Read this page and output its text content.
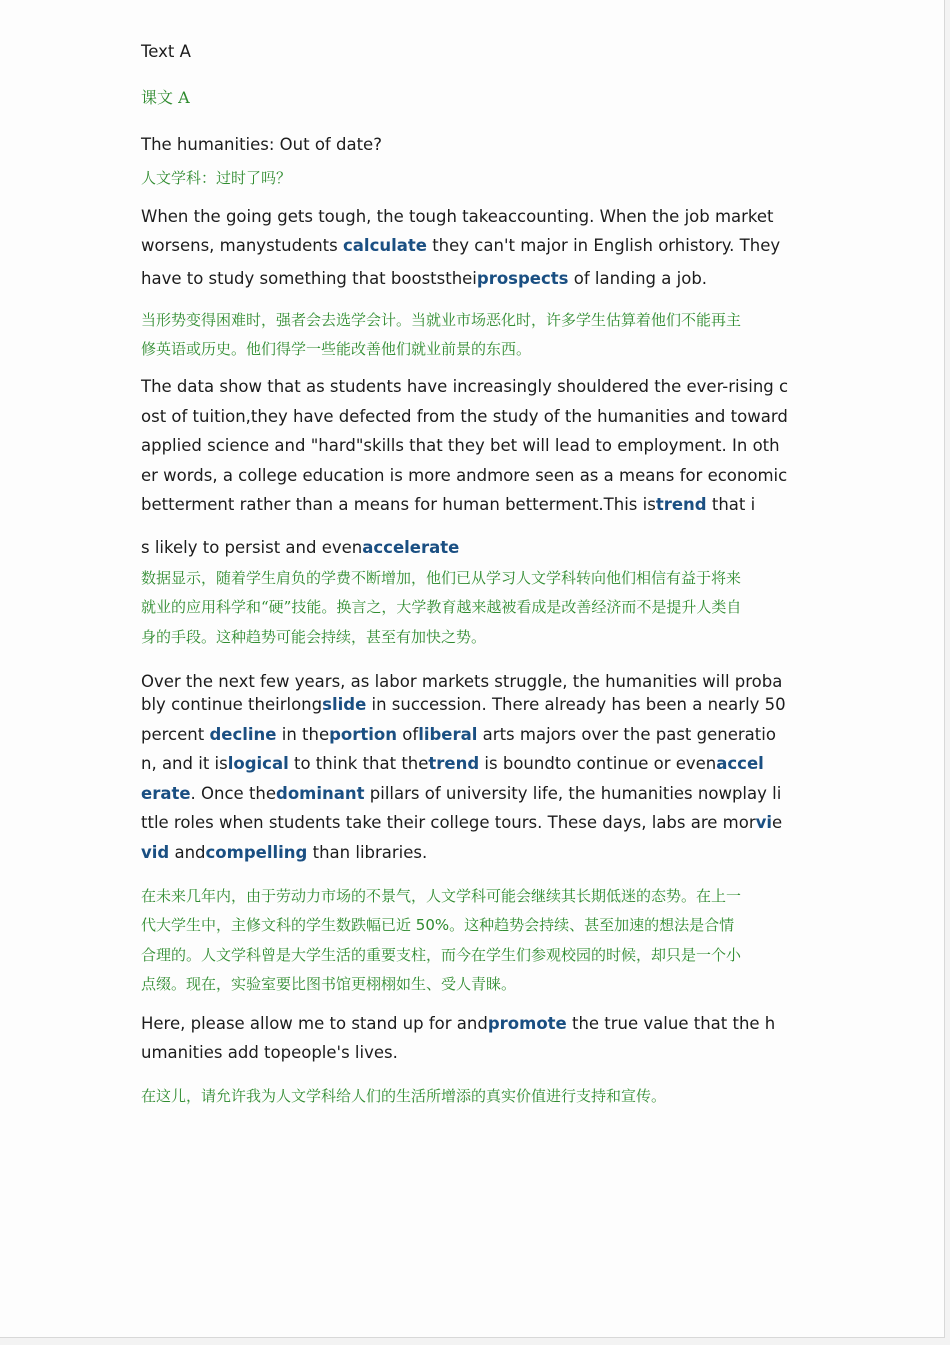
Text A
课文 A
The humanities: Out of date?
人文学科：过时了吗？
When the going gets tough, the tough takeaccounting. When the job market
worsens, manystudents calculate they can't major in English orhistory. They
have to study something that booststheiprospects of landing a job.
当形势变得困难时，强者会去选学会计。当就业市场恶化时，许多学生估算着他们不能再主
修英语或历史。他们得学一些能改善他们就业前景的东西。
The data show that as students have increasingly shouldered the ever-rising c
ost of tuition,they have defected from the study of the humanities and toward
applied science and "hard"skills that they bet will lead to employment. In oth
er words, a college education is more andmore seen as a means for economic
betterment rather than a means for human betterment.This istrend that i
s likely to persist and evenaccelerate
数据显示，随着学生肩负的学费不断增加，他们已从学习人文学科转向他们相信有益于将来
就业的应用科学和“硬”技能。换言之，大学教育越来越被看成是改善经济而不是提升人类自
身的手段。这种趋势可能会持续，甚至有加快之势。
Over the next few years, as labor markets struggle, the humanities will proba
bly continue theirlongslide in succession. There already has been a nearly 50
percent decline in theportion ofliberal arts majors over the past generatio
n, and it islogical to think that thetrend is boundto continue or evenaccel
erate. Once thedominant pillars of university life, the humanities nowplay li
ttle roles when students take their college tours. These days, labs are morvie
vid andcompelling than libraries.
在未来几年内，由于劳动力市场的不景气，人文学科可能会继续其长期低迷的态势。在上一
代大学生中，主修文科的学生数跌幅已近 50%。这种趋势会持续、甚至加速的想法是合情
合理的。人文学科曾是大学生活的重要支柱，而今在学生们参观校园的时候，却只是一个小
点缀。现在，实验室要比图书馆更栩栩如生、受人青睐。
Here, please allow me to stand up for andpromote the true value that the h
umanities add topeople's lives.
在这儿，请允许我为人文学科给人们的生活所增添的真实价值进行支持和宣传。
